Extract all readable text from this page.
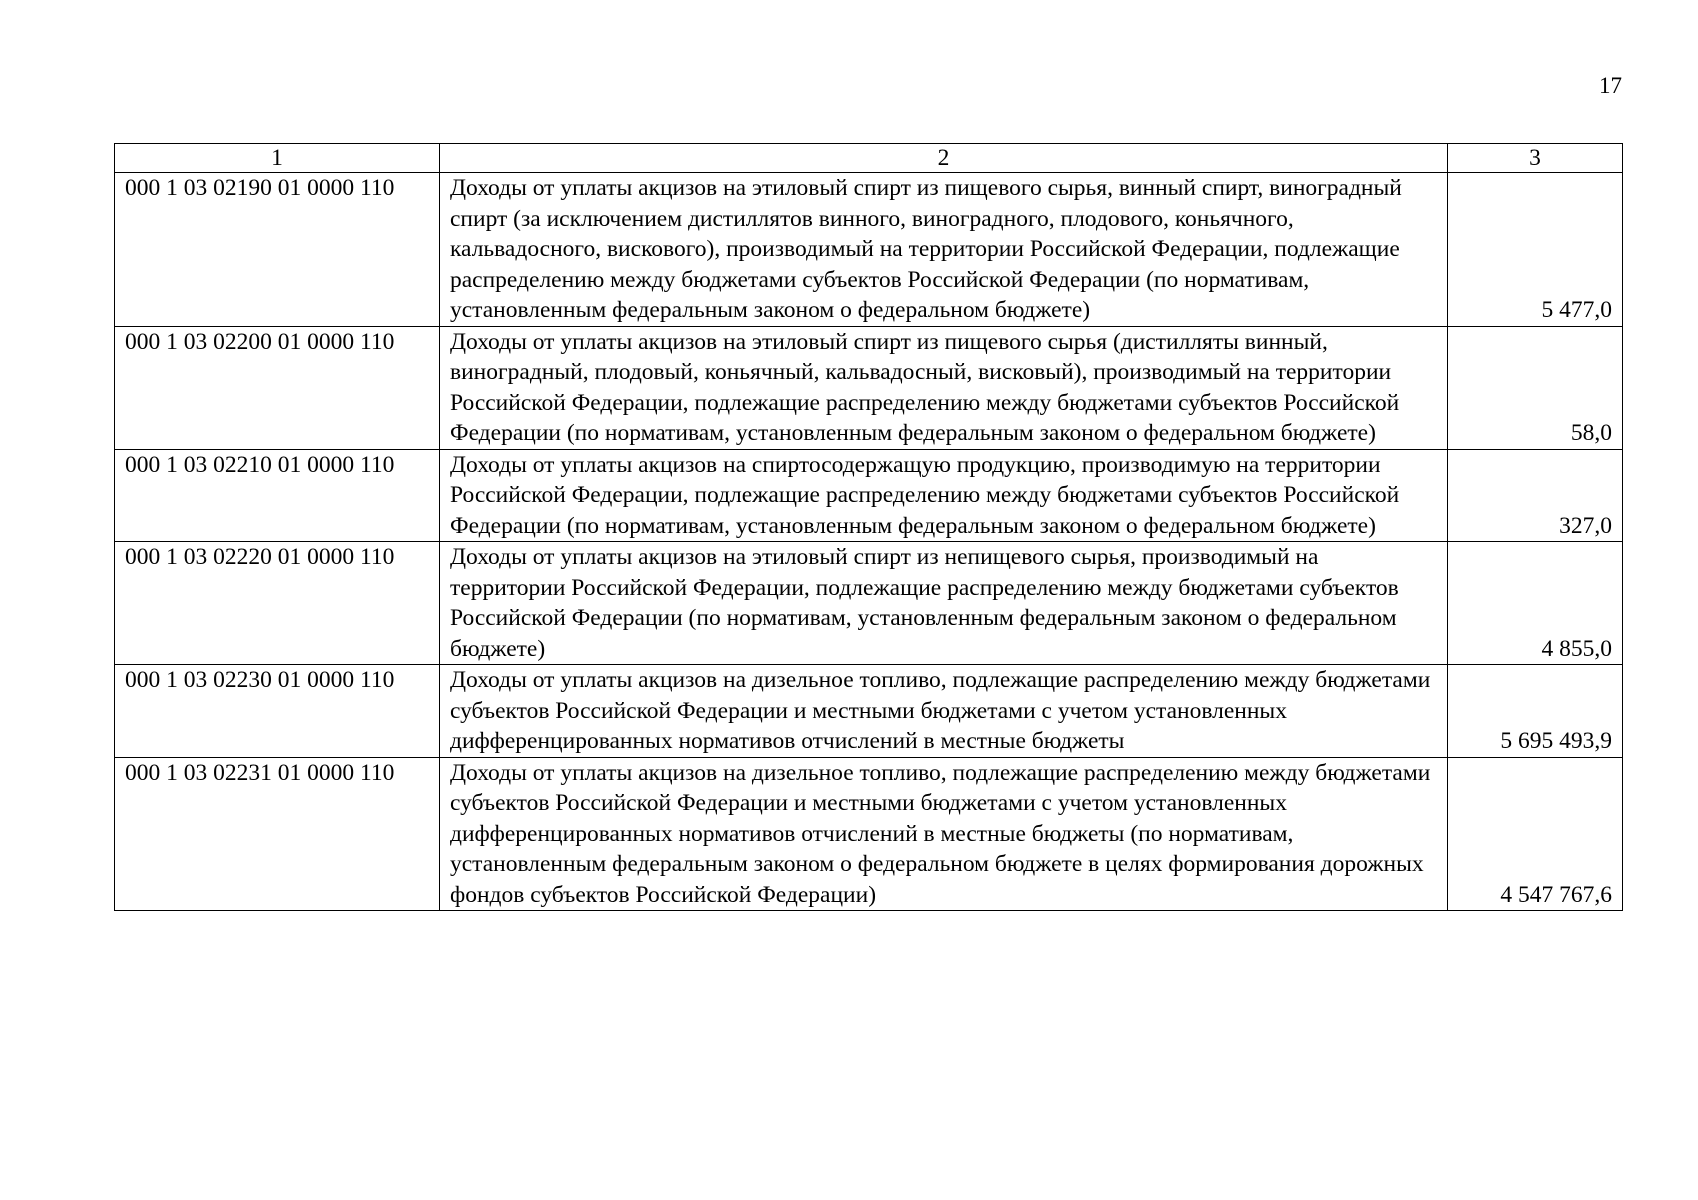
17
1	2	3
000 1 03 02190 01 0000 110	Доходы от уплаты акцизов на этиловый спирт из пищевого сырья, винный спирт, виноградный спирт (за исключением дистиллятов винного, виноградного, плодового, коньячного, кальвадосного, вискового), производимый на территории Российской Федерации, подлежащие распределению между бюджетами субъектов Российской Федерации (по нормативам, установленным федеральным законом о федеральном бюджете)	5 477,0
000 1 03 02200 01 0000 110	Доходы от уплаты акцизов на этиловый спирт из пищевого сырья (дистилляты винный, виноградный, плодовый, коньячный, кальвадосный, висковый), производимый на территории Российской Федерации, подлежащие распределению между бюджетами субъектов Российской Федерации (по нормативам, установленным федеральным законом о федеральном бюджете)	58,0
000 1 03 02210 01 0000 110	Доходы от уплаты акцизов на спиртосодержащую продукцию, производимую на территории Российской Федерации, подлежащие распределению между бюджетами субъектов Российской Федерации (по нормативам, установленным федеральным законом о федеральном бюджете)	327,0
000 1 03 02220 01 0000 110	Доходы от уплаты акцизов на этиловый спирт из непищевого сырья, производимый на территории Российской Федерации, подлежащие распределению между бюджетами субъектов Российской Федерации (по нормативам, установленным федеральным законом о федеральном бюджете)	4 855,0
000 1 03 02230 01 0000 110	Доходы от уплаты акцизов на дизельное топливо, подлежащие распределению между бюджетами субъектов Российской Федерации и местными бюджетами с учетом установленных дифференцированных нормативов отчислений в местные бюджеты	5 695 493,9
000 1 03 02231 01 0000 110	Доходы от уплаты акцизов на дизельное топливо, подлежащие распределению между бюджетами субъектов Российской Федерации и местными бюджетами с учетом установленных дифференцированных нормативов отчислений в местные бюджеты (по нормативам, установленным федеральным законом о федеральном бюджете в целях формирования дорожных фондов субъектов Российской Федерации)	4 547 767,6
